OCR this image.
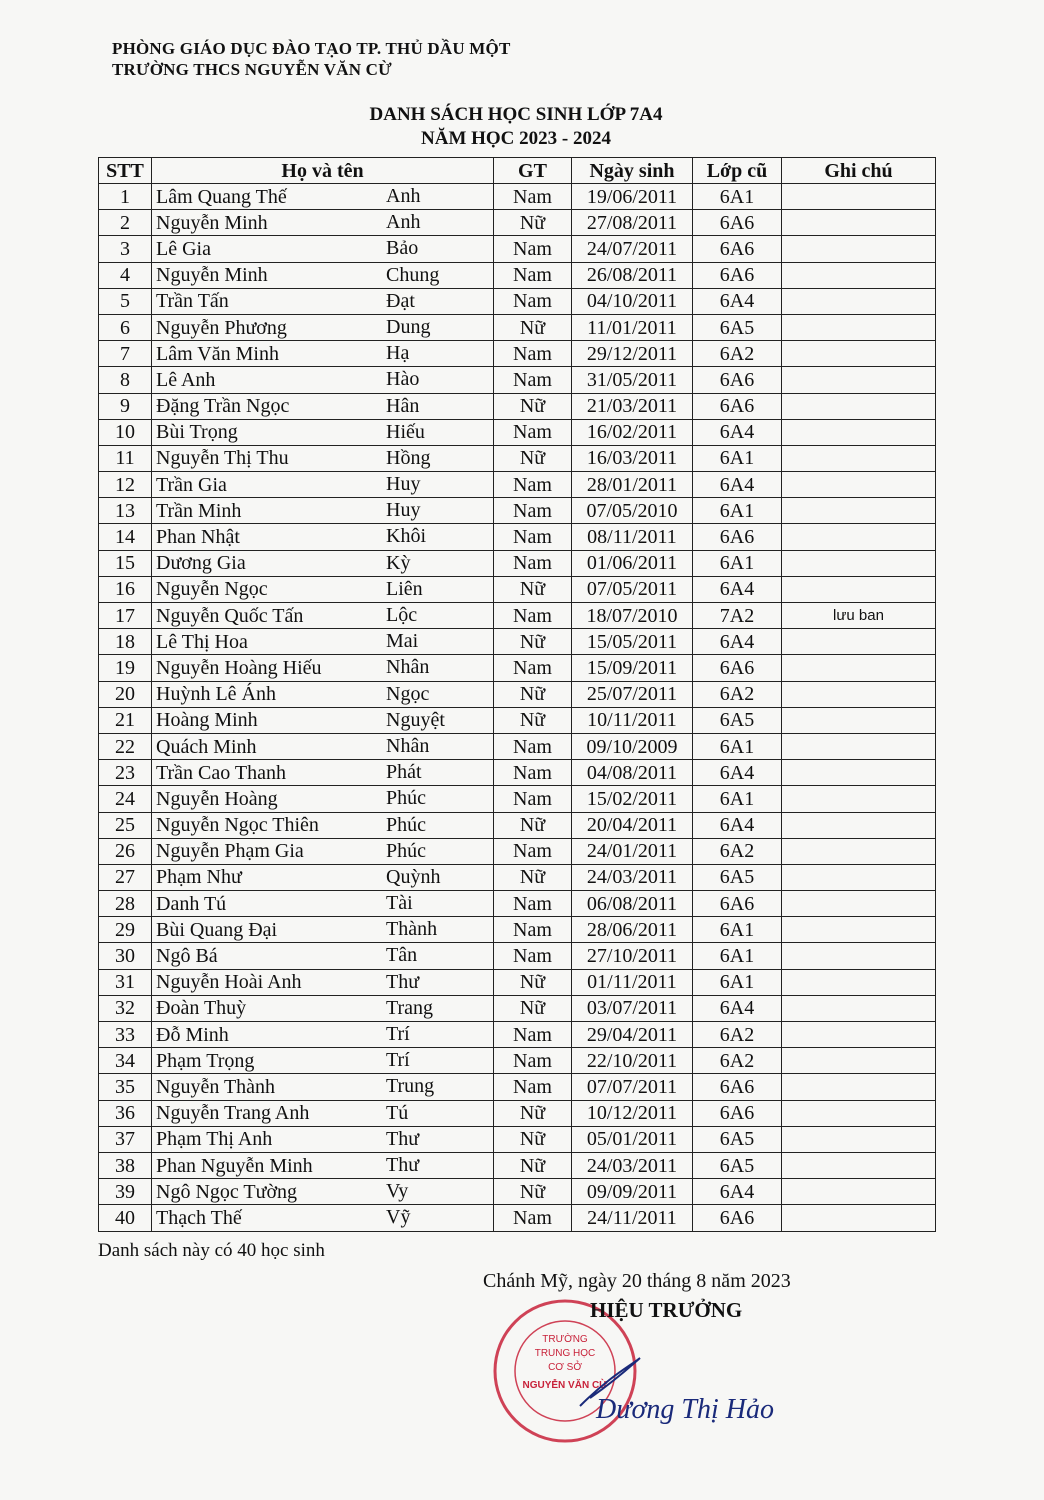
PHÒNG GIÁO DỤC ĐÀO TẠO TP. THỦ DẦU MỘT
TRƯỜNG THCS NGUYỄN VĂN CỪ
DANH SÁCH HỌC SINH LỚP 7A4
NĂM HỌC 2023 - 2024
STT	Họ và tên		GT	Ngày sinh	Lớp cũ	Ghi chú
1	Lâm Quang Thế	Anh	Nam	19/06/2011	6A1	
2	Nguyễn Minh	Anh	Nữ	27/08/2011	6A6	
3	Lê Gia	Bảo	Nam	24/07/2011	6A6	
4	Nguyễn Minh	Chung	Nam	26/08/2011	6A6	
5	Trần Tấn	Đạt	Nam	04/10/2011	6A4	
6	Nguyễn Phương	Dung	Nữ	11/01/2011	6A5	
7	Lâm Văn Minh	Hạ	Nam	29/12/2011	6A2	
8	Lê Anh	Hào	Nam	31/05/2011	6A6	
9	Đặng Trần Ngọc	Hân	Nữ	21/03/2011	6A6	
10	Bùi Trọng	Hiếu	Nam	16/02/2011	6A4	
11	Nguyễn Thị Thu	Hồng	Nữ	16/03/2011	6A1	
12	Trần Gia	Huy	Nam	28/01/2011	6A4	
13	Trần Minh	Huy	Nam	07/05/2010	6A1	
14	Phan Nhật	Khôi	Nam	08/11/2011	6A6	
15	Dương Gia	Kỳ	Nam	01/06/2011	6A1	
16	Nguyễn Ngọc	Liên	Nữ	07/05/2011	6A4	
17	Nguyễn Quốc Tấn	Lộc	Nam	18/07/2010	7A2	lưu ban
18	Lê Thị Hoa	Mai	Nữ	15/05/2011	6A4	
19	Nguyễn Hoàng Hiếu	Nhân	Nam	15/09/2011	6A6	
20	Huỳnh Lê Ánh	Ngọc	Nữ	25/07/2011	6A2	
21	Hoàng Minh	Nguyệt	Nữ	10/11/2011	6A5	
22	Quách Minh	Nhân	Nam	09/10/2009	6A1	
23	Trần Cao Thanh	Phát	Nam	04/08/2011	6A4	
24	Nguyễn Hoàng	Phúc	Nam	15/02/2011	6A1	
25	Nguyễn Ngọc Thiên	Phúc	Nữ	20/04/2011	6A4	
26	Nguyễn Phạm Gia	Phúc	Nam	24/01/2011	6A2	
27	Phạm Như	Quỳnh	Nữ	24/03/2011	6A5	
28	Danh Tú	Tài	Nam	06/08/2011	6A6	
29	Bùi Quang Đại	Thành	Nam	28/06/2011	6A1	
30	Ngô Bá	Tân	Nam	27/10/2011	6A1	
31	Nguyễn Hoài Anh	Thư	Nữ	01/11/2011	6A1	
32	Đoàn Thuỳ	Trang	Nữ	03/07/2011	6A4	
33	Đỗ Minh	Trí	Nam	29/04/2011	6A2	
34	Phạm Trọng	Trí	Nam	22/10/2011	6A2	
35	Nguyễn Thành	Trung	Nam	07/07/2011	6A6	
36	Nguyễn Trang Anh	Tú	Nữ	10/12/2011	6A6	
37	Phạm Thị Anh	Thư	Nữ	05/01/2011	6A5	
38	Phan Nguyễn Minh	Thư	Nữ	24/03/2011	6A5	
39	Ngô Ngọc Tường	Vy	Nữ	09/09/2011	6A4	
40	Thạch Thế	Vỹ	Nam	24/11/2011	6A6	
Danh sách này có 40 học sinh
Chánh Mỹ, ngày 20 tháng 8 năm 2023
TRƯỜNG
TRUNG HỌC
CƠ SỞ
NGUYỄN VĂN CỪ
HIỆU TRƯỞNG
Dương Thị Hảo
